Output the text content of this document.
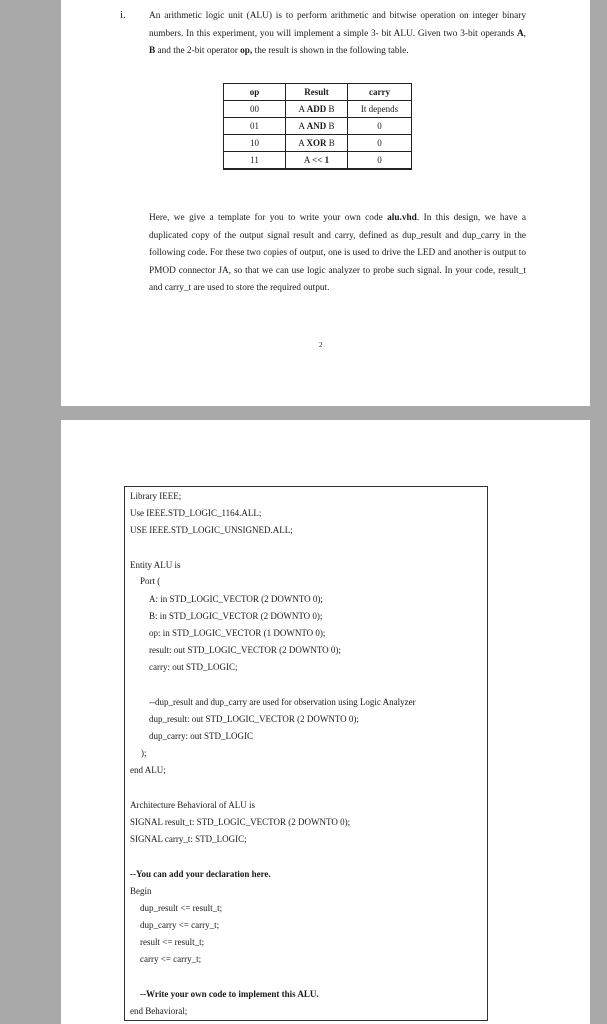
i. An arithmetic logic unit (ALU) is to perform arithmetic and bitwise operation on integer binary numbers. In this experiment, you will implement a simple 3- bit ALU. Given two 3-bit operands A, B and the 2-bit operator op, the result is shown in the following table.
op	Result	carry
00	A ADD B	It depends
01	A AND B	0
10	A XOR B	0
11	A << 1	0
Here, we give a template for you to write your own code alu.vhd. In this design, we have a duplicated copy of the output signal result and carry, defined as dup_result and dup_carry in the following code. For these two copies of output, one is used to drive the LED and another is output to PMOD connector JA, so that we can use logic analyzer to probe such signal. In your code, result_t and carry_t are used to store the required output.
2
Library IEEE;
Use IEEE.STD_LOGIC_1164.ALL;
USE IEEE.STD_LOGIC_UNSIGNED.ALL;
Entity ALU is
Port (
A: in STD_LOGIC_VECTOR (2 DOWNTO 0);
B: in STD_LOGIC_VECTOR (2 DOWNTO 0);
op: in STD_LOGIC_VECTOR (1 DOWNTO 0);
result: out STD_LOGIC_VECTOR (2 DOWNTO 0);
carry: out STD_LOGIC;
--dup_result and dup_carry are used for observation using Logic Analyzer
dup_result: out STD_LOGIC_VECTOR (2 DOWNTO 0);
dup_carry: out STD_LOGIC
);
end ALU;
Architecture Behavioral of ALU is
SIGNAL result_t: STD_LOGIC_VECTOR (2 DOWNTO 0);
SIGNAL carry_t: STD_LOGIC;
--You can add your declaration here.
Begin
dup_result <= result_t;
dup_carry <= carry_t;
result <= result_t;
carry <= carry_t;
--Write your own code to implement this ALU.
end Behavioral;
